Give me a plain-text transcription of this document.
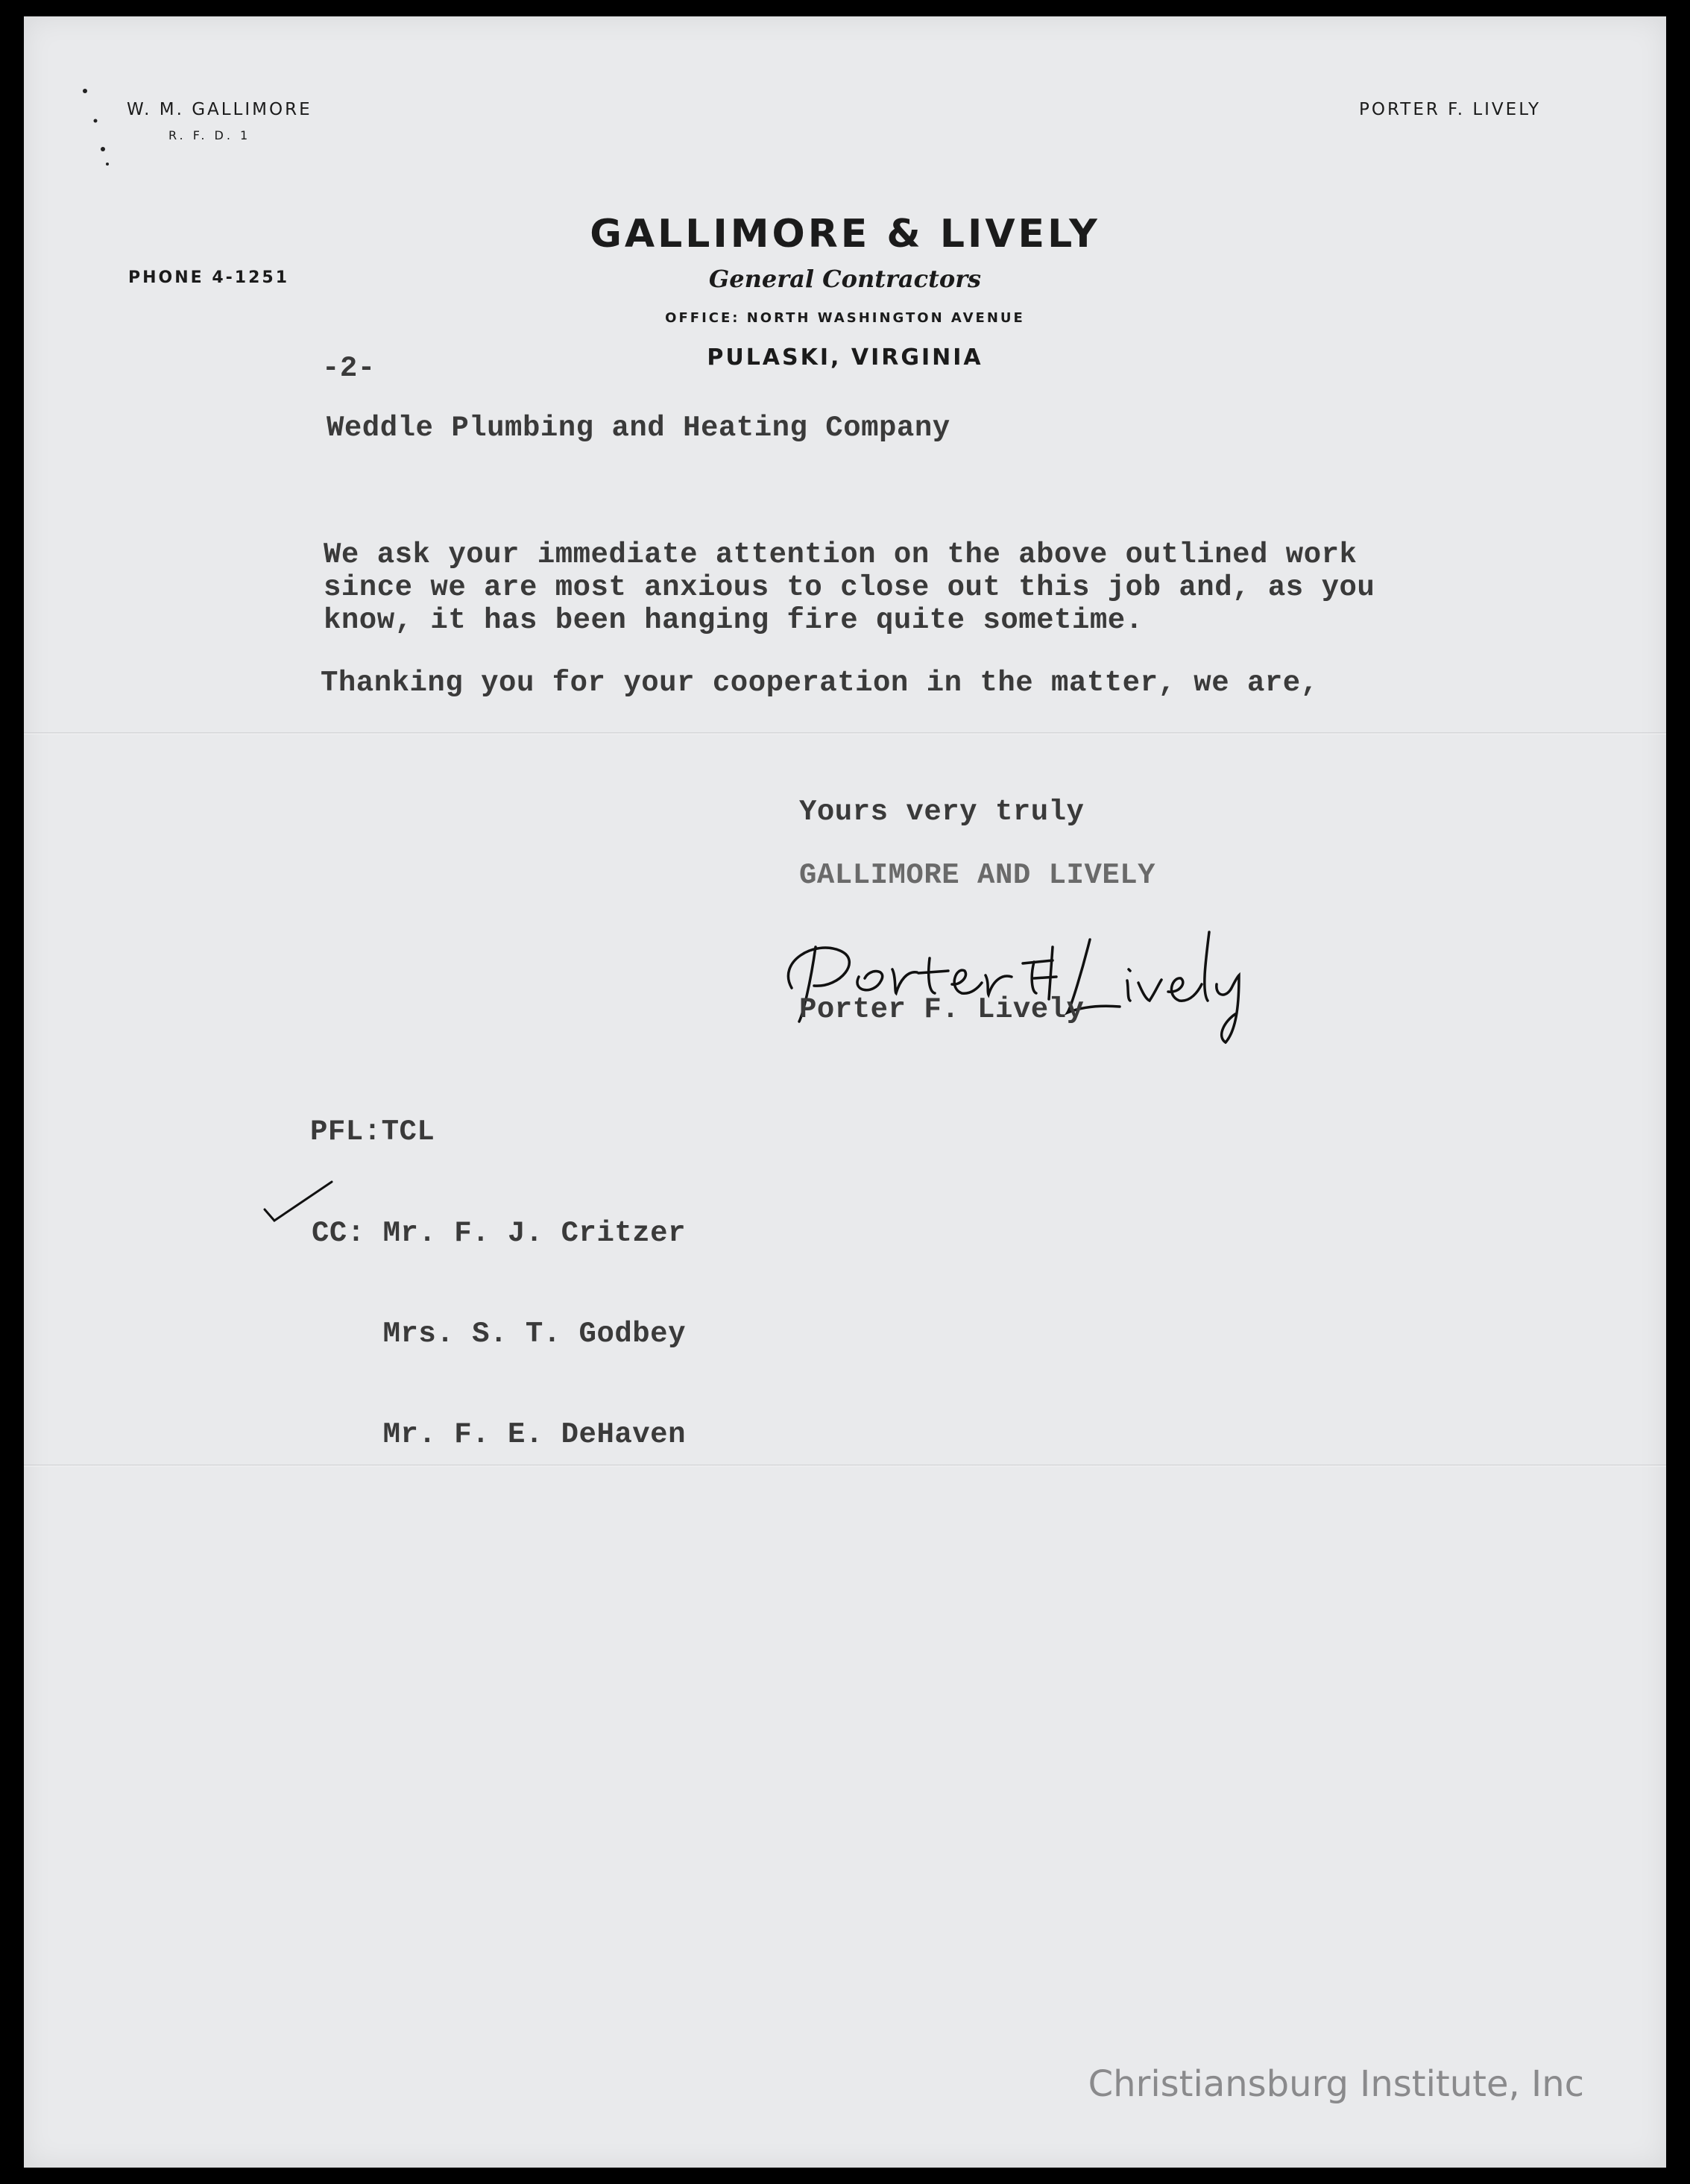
W. M. GALLIMORE
R. F. D. 1
PORTER F. LIVELY
PHONE 4-1251
GALLIMORE & LIVELY
General Contractors
OFFICE: NORTH WASHINGTON AVENUE
PULASKI, VIRGINIA
-2-
Weddle Plumbing and Heating Company
We ask your immediate attention on the above outlined work
since we are most anxious to close out this job and, as you
know, it has been hanging fire quite sometime.
Thanking you for your cooperation in the matter, we are,
Yours very truly
GALLIMORE AND LIVELY
Porter F. Lively
PFL:TCL

CC: Mr. F. J. Critzer

Mrs. S. T. Godbey

Mr. F. E. DeHaven

Christiansburg Institute, Inc
